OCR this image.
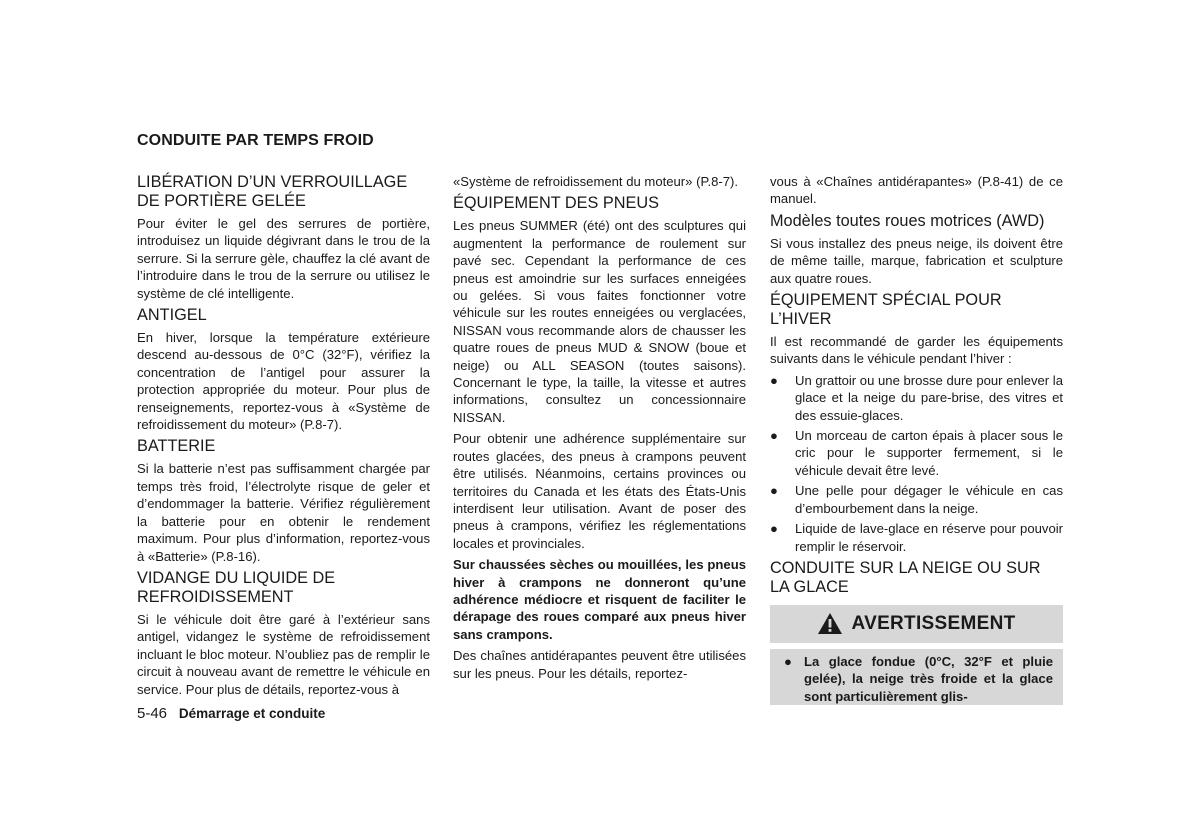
CONDUITE PAR TEMPS FROID
LIBÉRATION D’UN VERROUILLAGE DE PORTIÈRE GELÉE

Pour éviter le gel des serrures de portière, introduisez un liquide dégivrant dans le trou de la serrure. Si la serrure gèle, chauffez la clé avant de l’introduire dans le trou de la serrure ou utilisez le système de clé intelligente.

ANTIGEL

En hiver, lorsque la température extérieure descend au-dessous de 0°C (32°F), vérifiez la concentration de l’antigel pour assurer la protection appropriée du moteur. Pour plus de renseignements, reportez-vous à «Système de refroidissement du moteur» (P.8-7).

BATTERIE

Si la batterie n’est pas suffisamment chargée par temps très froid, l’électrolyte risque de geler et d’endommager la batterie. Vérifiez régulièrement la batterie pour en obtenir le rendement maximum. Pour plus d’information, reportez-vous à «Batterie» (P.8-16).

VIDANGE DU LIQUIDE DE REFROIDISSEMENT

Si le véhicule doit être garé à l’extérieur sans antigel, vidangez le système de refroidissement incluant le bloc moteur. N’oubliez pas de remplir le circuit à nouveau avant de remettre le véhicule en service. Pour plus de détails, reportez-vous à

«Système de refroidissement du moteur» (P.8-7).

ÉQUIPEMENT DES PNEUS

Les pneus SUMMER (été) ont des sculptures qui augmentent la performance de roulement sur pavé sec. Cependant la performance de ces pneus est amoindrie sur les surfaces enneigées ou gelées. Si vous faites fonctionner votre véhicule sur les routes enneigées ou verglacées, NISSAN vous recommande alors de chausser les quatre roues de pneus MUD & SNOW (boue et neige) ou ALL SEASON (toutes saisons). Concernant le type, la taille, la vitesse et autres informations, consultez un concessionnaire NISSAN.

Pour obtenir une adhérence supplémentaire sur routes glacées, des pneus à crampons peuvent être utilisés. Néanmoins, certains provinces ou territoires du Canada et les états des États-Unis interdisent leur utilisation. Avant de poser des pneus à crampons, vérifiez les réglementations locales et provinciales.

Sur chaussées sèches ou mouillées, les pneus hiver à crampons ne donneront qu’une adhérence médiocre et risquent de faciliter le dérapage des roues comparé aux pneus hiver sans crampons.

Des chaînes antidérapantes peuvent être utilisées sur les pneus. Pour les détails, reportez-

vous à «Chaînes antidérapantes» (P.8-41) de ce manuel.

Modèles toutes roues motrices (AWD)

Si vous installez des pneus neige, ils doivent être de même taille, marque, fabrication et sculpture aux quatre roues.

ÉQUIPEMENT SPÉCIAL POUR L’HIVER

Il est recommandé de garder les équipements suivants dans le véhicule pendant l’hiver :

● Un grattoir ou une brosse dure pour enlever la glace et la neige du pare-brise, des vitres et des essuie-glaces.
● Un morceau de carton épais à placer sous le cric pour le supporter fermement, si le véhicule devait être levé.
● Une pelle pour dégager le véhicule en cas d’embourbement dans la neige.
● Liquide de lave-glace en réserve pour pouvoir remplir le réservoir.
CONDUITE SUR LA NEIGE OU SUR LA GLACE
AVERTISSEMENT
● La glace fondue (0°C, 32°F et pluie gelée), la neige très froide et la glace sont particulièrement glis-
5-46 Démarrage et conduite
